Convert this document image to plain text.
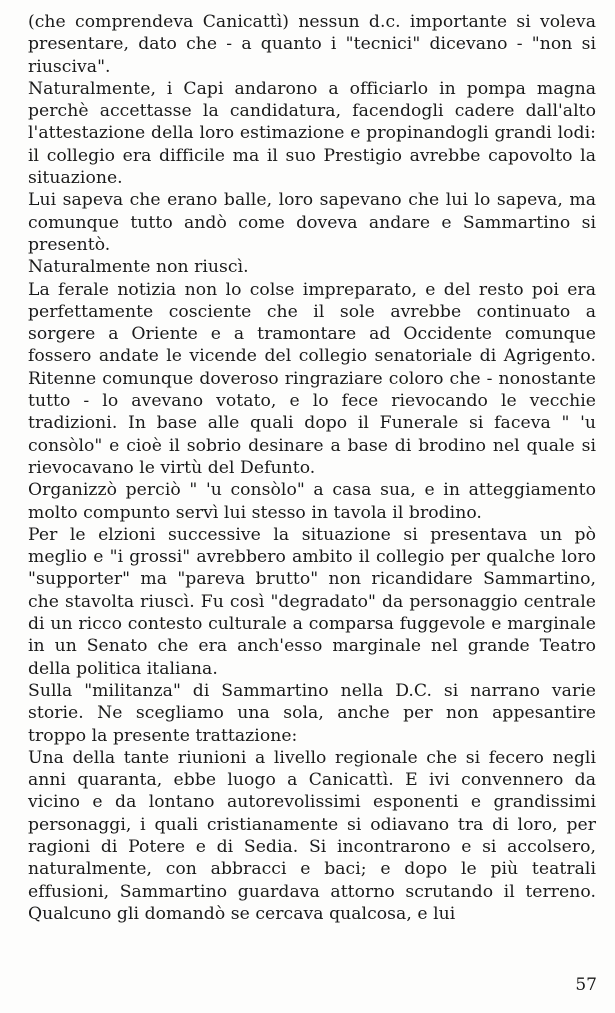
(che comprendeva Canicattì) nessun d.c. importante si voleva presentare, dato che - a quanto i "tecnici" dicevano - "non si riusciva".

Naturalmente, i Capi andarono a officiarlo in pompa magna perchè accettasse la candidatura, facendogli cadere dall'alto l'attestazione della loro estimazione e propinandogli grandi lodi: il collegio era difficile ma il suo Prestigio avrebbe capovolto la situazione.

Lui sapeva che erano balle, loro sapevano che lui lo sapeva, ma comunque tutto andò come doveva andare e Sammartino si presentò.

Naturalmente non riuscì.

La ferale notizia non lo colse impreparato, e del resto poi era perfettamente cosciente che il sole avrebbe continuato a sorgere a Oriente e a tramontare ad Occidente comunque fossero andate le vicende del collegio senatoriale di Agrigento. Ritenne comunque doveroso ringraziare coloro che - nonostante tutto - lo avevano votato, e lo fece rievocando le vecchie tradizioni. In base alle quali dopo il Funerale si faceva " 'u consòlo" e cioè il sobrio desinare a base di brodino nel quale si rievocavano le virtù del Defunto.

Organizzò perciò " 'u consòlo" a casa sua, e in atteggiamento molto compunto servì lui stesso in tavola il brodino.

Per le elzioni successive la situazione si presentava un pò meglio e "i grossi" avrebbero ambito il collegio per qualche loro "supporter" ma "pareva brutto" non ricandidare Sammartino, che stavolta riuscì. Fu così "degradato" da personaggio centrale di un ricco contesto culturale a comparsa fuggevole e marginale in un Senato che era anch'esso marginale nel grande Teatro della politica italiana.

Sulla "militanza" di Sammartino nella D.C. si narrano varie storie. Ne scegliamo una sola, anche per non appesantire troppo la presente trattazione:

Una della tante riunioni a livello regionale che si fecero negli anni quaranta, ebbe luogo a Canicattì. E ivi convennero da vicino e da lontano autorevolissimi esponenti e grandissimi personaggi, i quali cristianamente si odiavano tra di loro, per ragioni di Potere e di Sedia. Si incontrarono e si accolsero, naturalmente, con abbracci e baci; e dopo le più teatrali effusioni, Sammartino guardava attorno scrutando il terreno. Qualcuno gli domandò se cercava qualcosa, e lui

57
